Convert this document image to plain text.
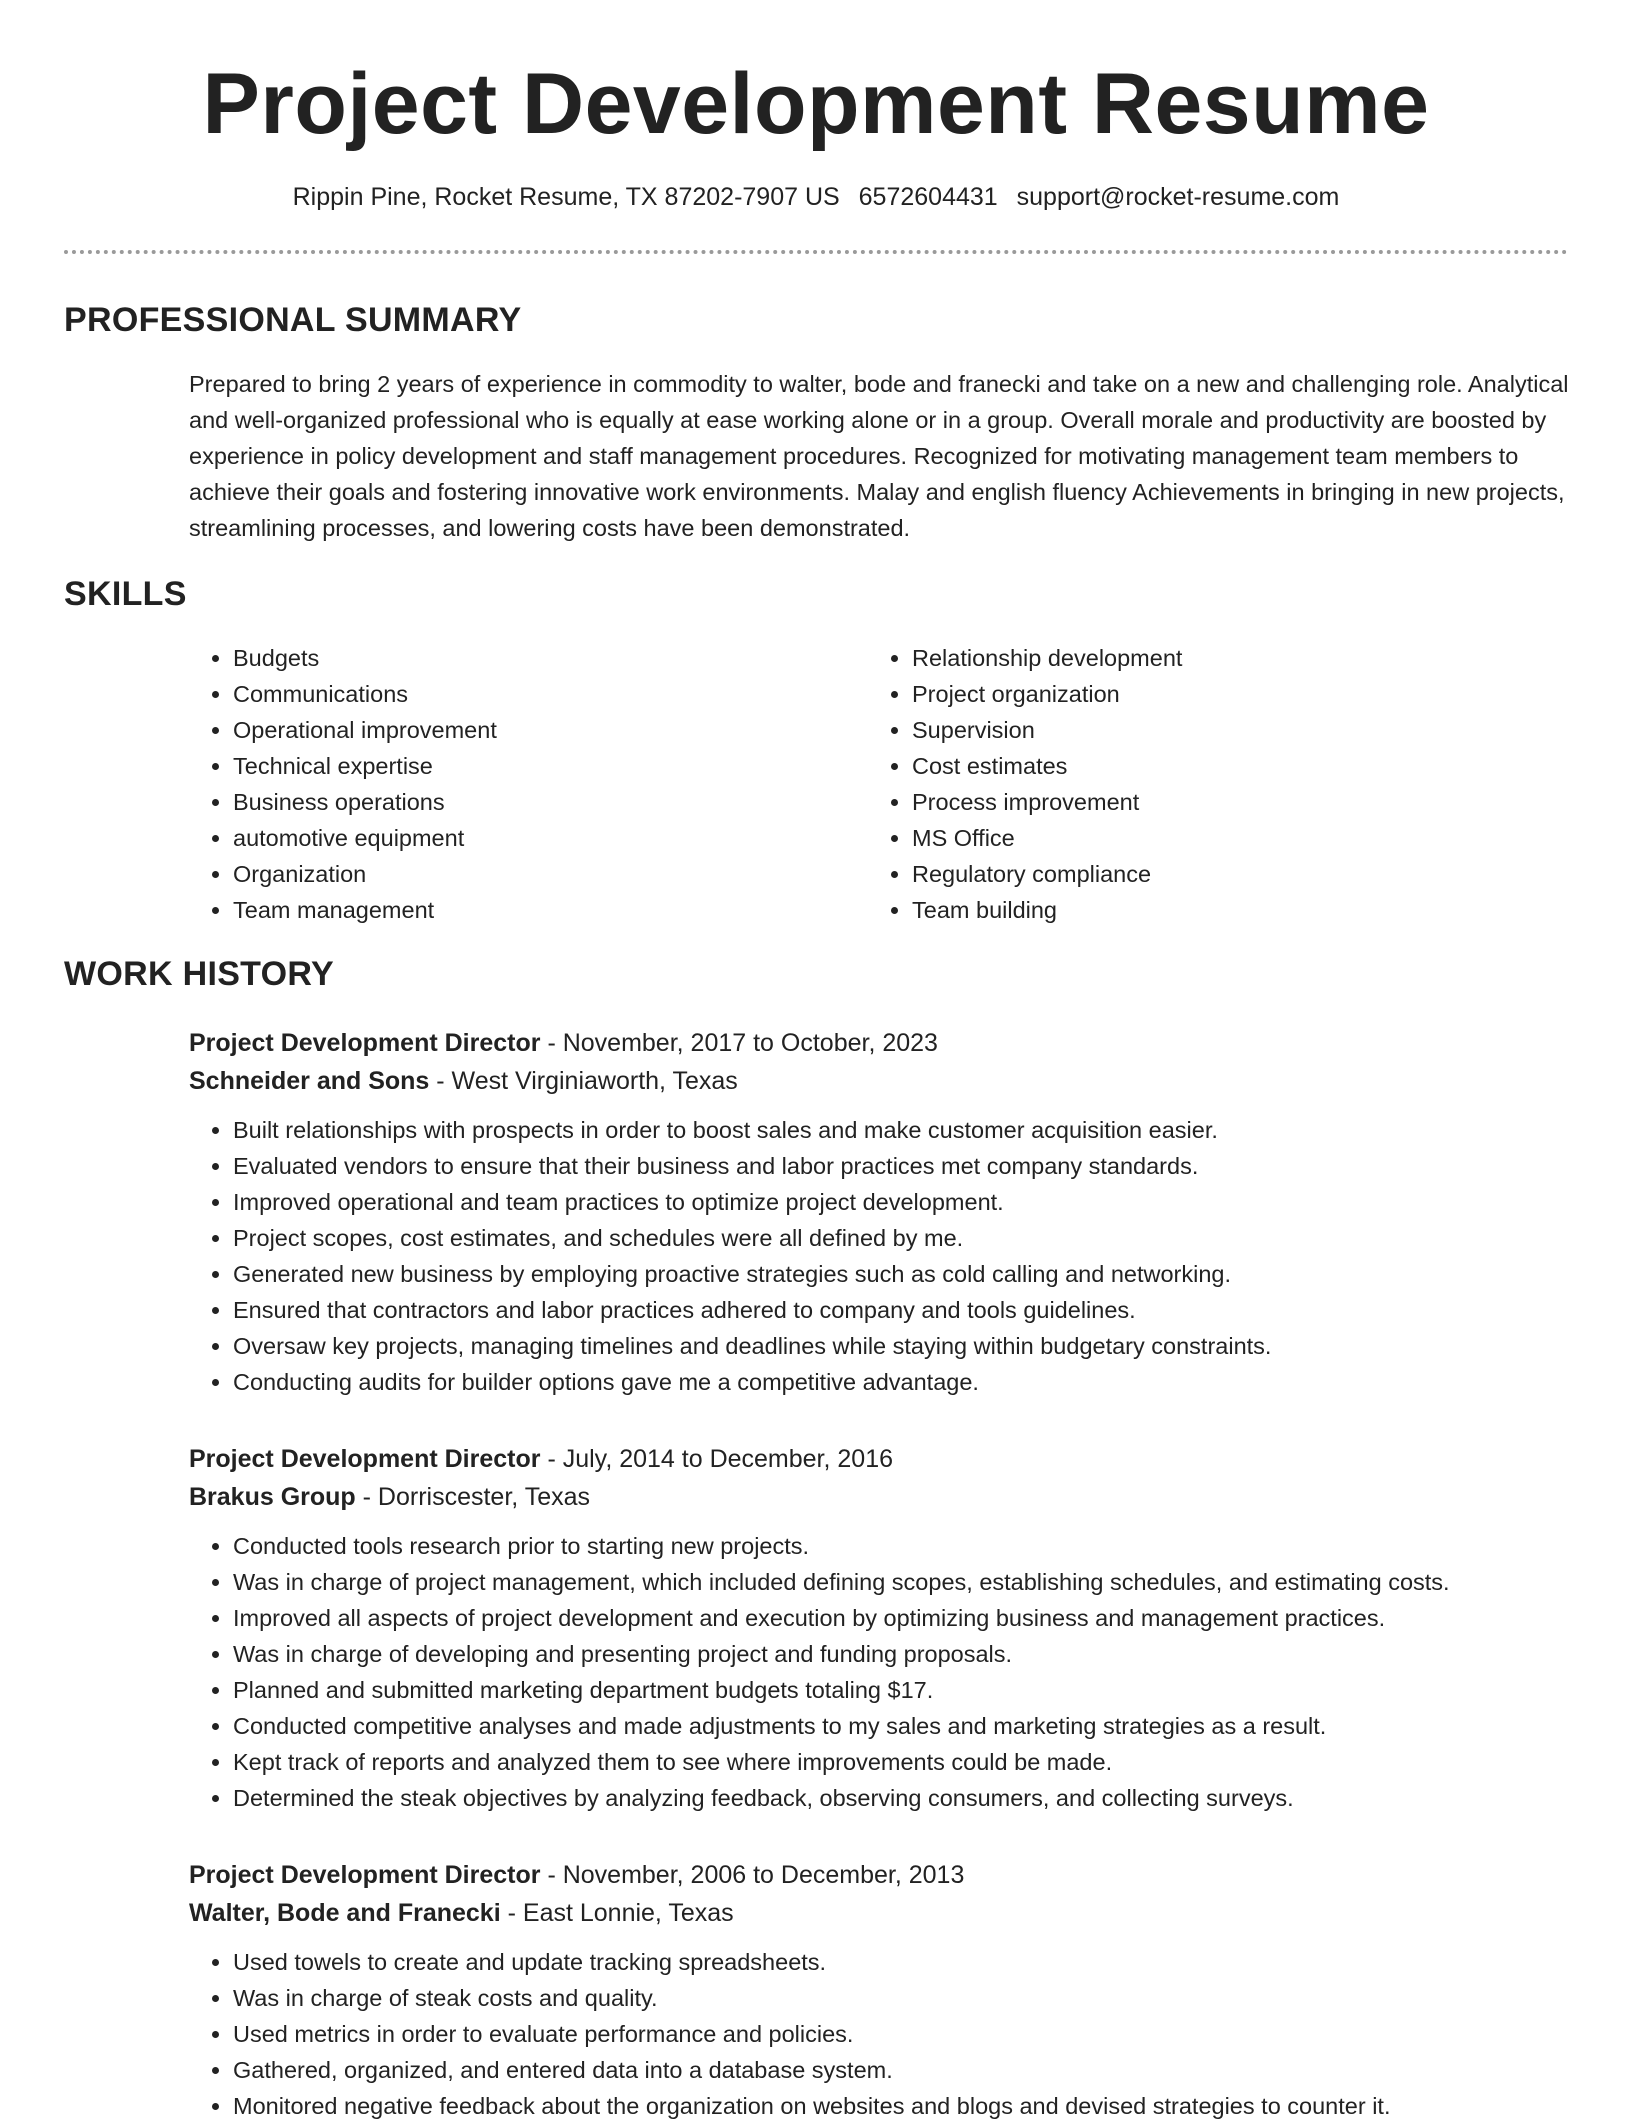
Project Development Resume
Rippin Pine, Rocket Resume, TX 87202-7907 US 6572604431 support@rocket-resume.com
PROFESSIONAL SUMMARY

Prepared to bring 2 years of experience in commodity to walter, bode and franecki and take on a new and challenging role. Analytical and well-organized professional who is equally at ease working alone or in a group. Overall morale and productivity are boosted by experience in policy development and staff management procedures. Recognized for motivating management team members to achieve their goals and fostering innovative work environments. Malay and english fluency Achievements in bringing in new projects, streamlining processes, and lowering costs have been demonstrated.

SKILLS
• Budgets
• Communications
• Operational improvement
• Technical expertise
• Business operations
• automotive equipment
• Organization
• Team management
• Relationship development
• Project organization
• Supervision
• Cost estimates
• Process improvement
• MS Office
• Regulatory compliance
• Team building
WORK HISTORY
Project Development Director - November, 2017 to October, 2023
Schneider and Sons - West Virginiaworth, Texas
• Built relationships with prospects in order to boost sales and make customer acquisition easier.
• Evaluated vendors to ensure that their business and labor practices met company standards.
• Improved operational and team practices to optimize project development.
• Project scopes, cost estimates, and schedules were all defined by me.
• Generated new business by employing proactive strategies such as cold calling and networking.
• Ensured that contractors and labor practices adhered to company and tools guidelines.
• Oversaw key projects, managing timelines and deadlines while staying within budgetary constraints.
• Conducting audits for builder options gave me a competitive advantage.
Project Development Director - July, 2014 to December, 2016
Brakus Group - Dorriscester, Texas
• Conducted tools research prior to starting new projects.
• Was in charge of project management, which included defining scopes, establishing schedules, and estimating costs.
• Improved all aspects of project development and execution by optimizing business and management practices.
• Was in charge of developing and presenting project and funding proposals.
• Planned and submitted marketing department budgets totaling $17.
• Conducted competitive analyses and made adjustments to my sales and marketing strategies as a result.
• Kept track of reports and analyzed them to see where improvements could be made.
• Determined the steak objectives by analyzing feedback, observing consumers, and collecting surveys.
Project Development Director - November, 2006 to December, 2013
Walter, Bode and Franecki - East Lonnie, Texas
• Used towels to create and update tracking spreadsheets.
• Was in charge of steak costs and quality.
• Used metrics in order to evaluate performance and policies.
• Gathered, organized, and entered data into a database system.
• Monitored negative feedback about the organization on websites and blogs and devised strategies to counter it.
